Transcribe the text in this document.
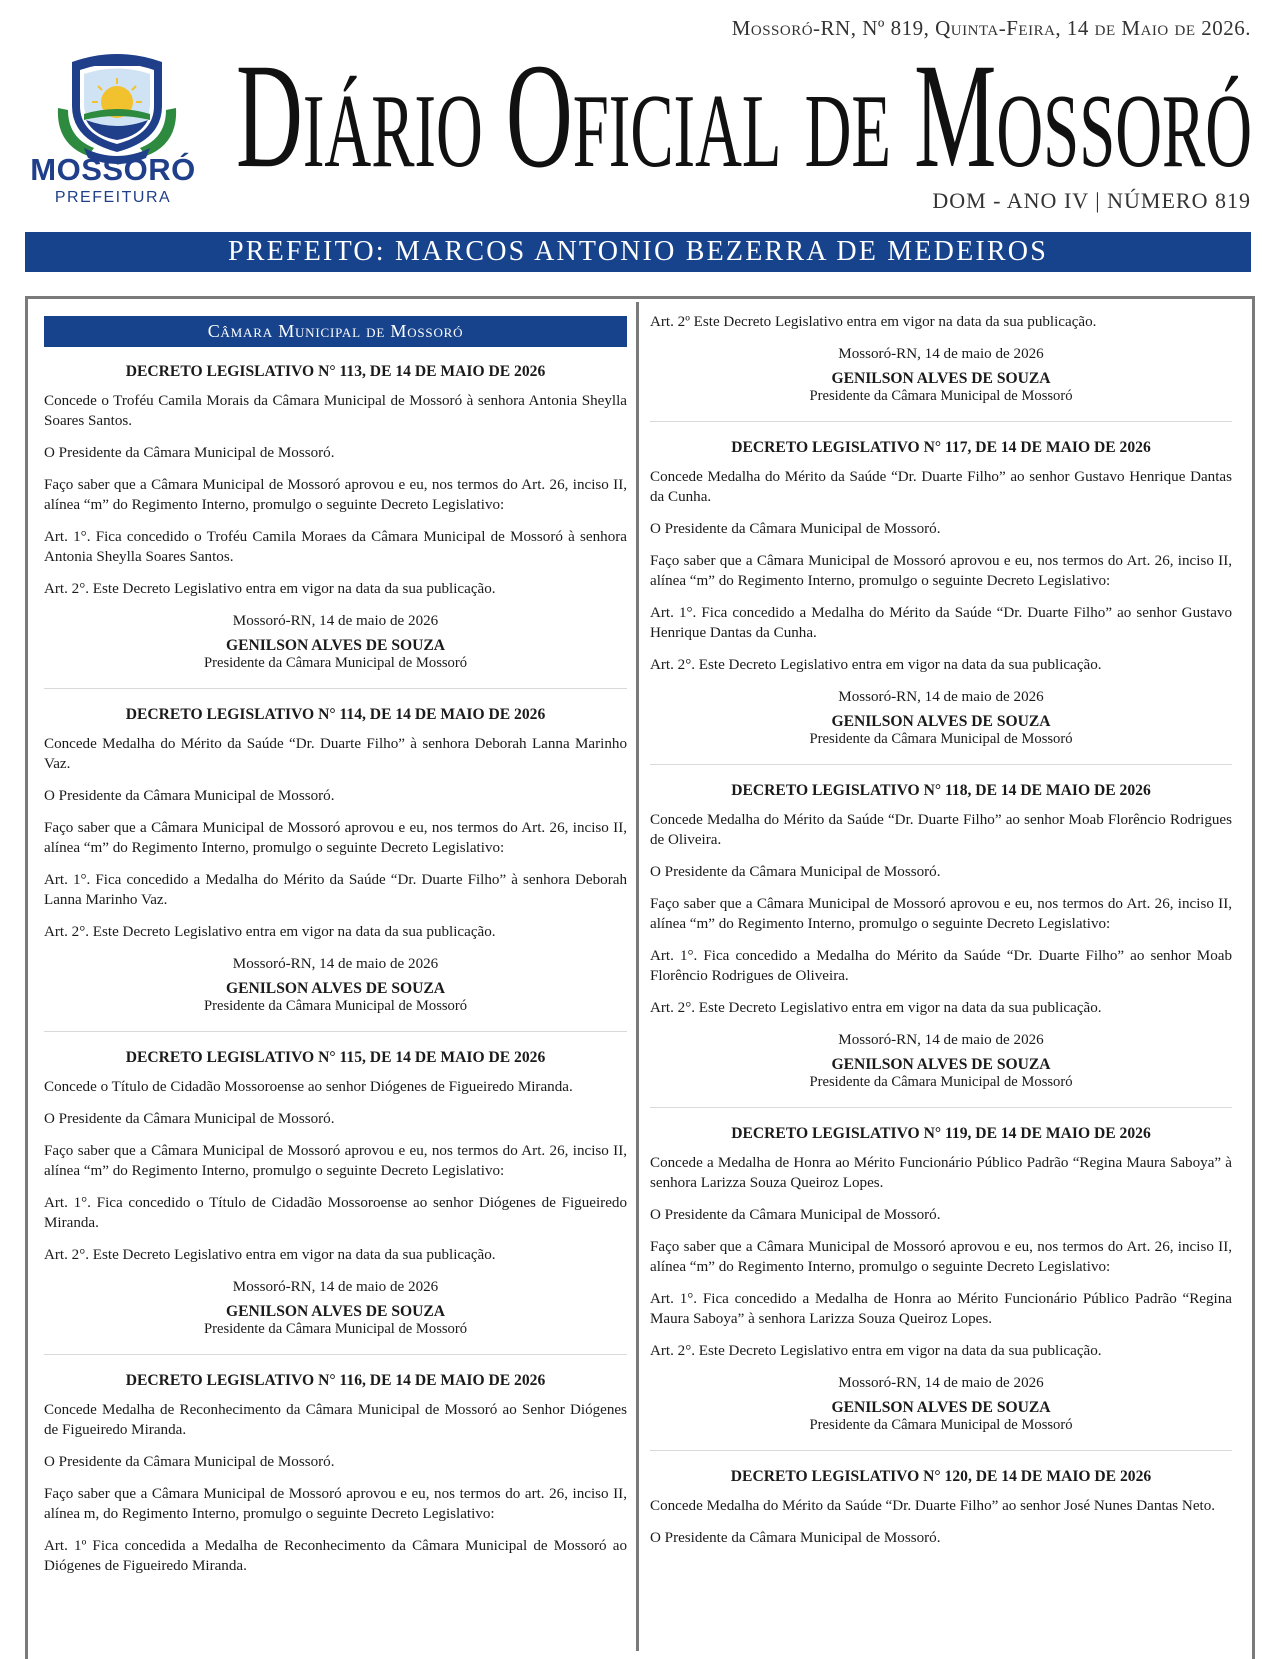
Mossoró-RN, Nº 819, Quinta-Feira, 14 de Maio de 2026.
MOSSORÓ
PREFEITURA Diário Oficial de Mossoró
DOM - ANO IV | NÚMERO 819
PREFEITO: MARCOS ANTONIO BEZERRA DE MEDEIROS
Câmara Municipal de Mossoró
DECRETO LEGISLATIVO N° 113, DE 14 DE MAIO DE 2026

Concede o Troféu Camila Morais da Câmara Municipal de Mossoró à senhora Antonia Sheylla Soares Santos.

O Presidente da Câmara Municipal de Mossoró.

Faço saber que a Câmara Municipal de Mossoró aprovou e eu, nos termos do Art. 26, inciso II, alínea “m” do Regimento Interno, promulgo o seguinte Decreto Legislativo:

Art. 1°. Fica concedido o Troféu Camila Moraes da Câmara Municipal de Mossoró à senhora Antonia Sheylla Soares Santos.

Art. 2°. Este Decreto Legislativo entra em vigor na data da sua publicação.

Mossoró-RN, 14 de maio de 2026

GENILSON ALVES DE SOUZA

Presidente da Câmara Municipal de Mossoró

DECRETO LEGISLATIVO N° 114, DE 14 DE MAIO DE 2026

Concede Medalha do Mérito da Saúde “Dr. Duarte Filho” à senhora Deborah Lanna Marinho Vaz.

O Presidente da Câmara Municipal de Mossoró.

Faço saber que a Câmara Municipal de Mossoró aprovou e eu, nos termos do Art. 26, inciso II, alínea “m” do Regimento Interno, promulgo o seguinte Decreto Legislativo:

Art. 1°. Fica concedido a Medalha do Mérito da Saúde “Dr. Duarte Filho” à senhora Deborah Lanna Marinho Vaz.

Art. 2°. Este Decreto Legislativo entra em vigor na data da sua publicação.

Mossoró-RN, 14 de maio de 2026

GENILSON ALVES DE SOUZA

Presidente da Câmara Municipal de Mossoró

DECRETO LEGISLATIVO N° 115, DE 14 DE MAIO DE 2026

Concede o Título de Cidadão Mossoroense ao senhor Diógenes de Figueiredo Miranda.

O Presidente da Câmara Municipal de Mossoró.

Faço saber que a Câmara Municipal de Mossoró aprovou e eu, nos termos do Art. 26, inciso II, alínea “m” do Regimento Interno, promulgo o seguinte Decreto Legislativo:

Art. 1°. Fica concedido o Título de Cidadão Mossoroense ao senhor Diógenes de Figueiredo Miranda.

Art. 2°. Este Decreto Legislativo entra em vigor na data da sua publicação.

Mossoró-RN, 14 de maio de 2026

GENILSON ALVES DE SOUZA

Presidente da Câmara Municipal de Mossoró

DECRETO LEGISLATIVO N° 116, DE 14 DE MAIO DE 2026

Concede Medalha de Reconhecimento da Câmara Municipal de Mossoró ao Senhor Diógenes de Figueiredo Miranda.

O Presidente da Câmara Municipal de Mossoró.

Faço saber que a Câmara Municipal de Mossoró aprovou e eu, nos termos do art. 26, inciso II, alínea m, do Regimento Interno, promulgo o seguinte Decreto Legislativo:

Art. 1º Fica concedida a Medalha de Reconhecimento da Câmara Municipal de Mossoró ao Diógenes de Figueiredo Miranda.

Art. 2º Este Decreto Legislativo entra em vigor na data da sua publicação.

Mossoró-RN, 14 de maio de 2026

GENILSON ALVES DE SOUZA

Presidente da Câmara Municipal de Mossoró

DECRETO LEGISLATIVO N° 117, DE 14 DE MAIO DE 2026

Concede Medalha do Mérito da Saúde “Dr. Duarte Filho” ao senhor Gustavo Henrique Dantas da Cunha.

O Presidente da Câmara Municipal de Mossoró.

Faço saber que a Câmara Municipal de Mossoró aprovou e eu, nos termos do Art. 26, inciso II, alínea “m” do Regimento Interno, promulgo o seguinte Decreto Legislativo:

Art. 1°. Fica concedido a Medalha do Mérito da Saúde “Dr. Duarte Filho” ao senhor Gustavo Henrique Dantas da Cunha.

Art. 2°. Este Decreto Legislativo entra em vigor na data da sua publicação.

Mossoró-RN, 14 de maio de 2026

GENILSON ALVES DE SOUZA

Presidente da Câmara Municipal de Mossoró

DECRETO LEGISLATIVO N° 118, DE 14 DE MAIO DE 2026

Concede Medalha do Mérito da Saúde “Dr. Duarte Filho” ao senhor Moab Florêncio Rodrigues de Oliveira.

O Presidente da Câmara Municipal de Mossoró.

Faço saber que a Câmara Municipal de Mossoró aprovou e eu, nos termos do Art. 26, inciso II, alínea “m” do Regimento Interno, promulgo o seguinte Decreto Legislativo:

Art. 1°. Fica concedido a Medalha do Mérito da Saúde “Dr. Duarte Filho” ao senhor Moab Florêncio Rodrigues de Oliveira.

Art. 2°. Este Decreto Legislativo entra em vigor na data da sua publicação.

Mossoró-RN, 14 de maio de 2026

GENILSON ALVES DE SOUZA

Presidente da Câmara Municipal de Mossoró

DECRETO LEGISLATIVO N° 119, DE 14 DE MAIO DE 2026

Concede a Medalha de Honra ao Mérito Funcionário Público Padrão “Regina Maura Saboya” à senhora Larizza Souza Queiroz Lopes.

O Presidente da Câmara Municipal de Mossoró.

Faço saber que a Câmara Municipal de Mossoró aprovou e eu, nos termos do Art. 26, inciso II, alínea “m” do Regimento Interno, promulgo o seguinte Decreto Legislativo:

Art. 1°. Fica concedido a Medalha de Honra ao Mérito Funcionário Público Padrão “Regina Maura Saboya” à senhora Larizza Souza Queiroz Lopes.

Art. 2°. Este Decreto Legislativo entra em vigor na data da sua publicação.

Mossoró-RN, 14 de maio de 2026

GENILSON ALVES DE SOUZA

Presidente da Câmara Municipal de Mossoró

DECRETO LEGISLATIVO N° 120, DE 14 DE MAIO DE 2026

Concede Medalha do Mérito da Saúde “Dr. Duarte Filho” ao senhor José Nunes Dantas Neto.

O Presidente da Câmara Municipal de Mossoró.
